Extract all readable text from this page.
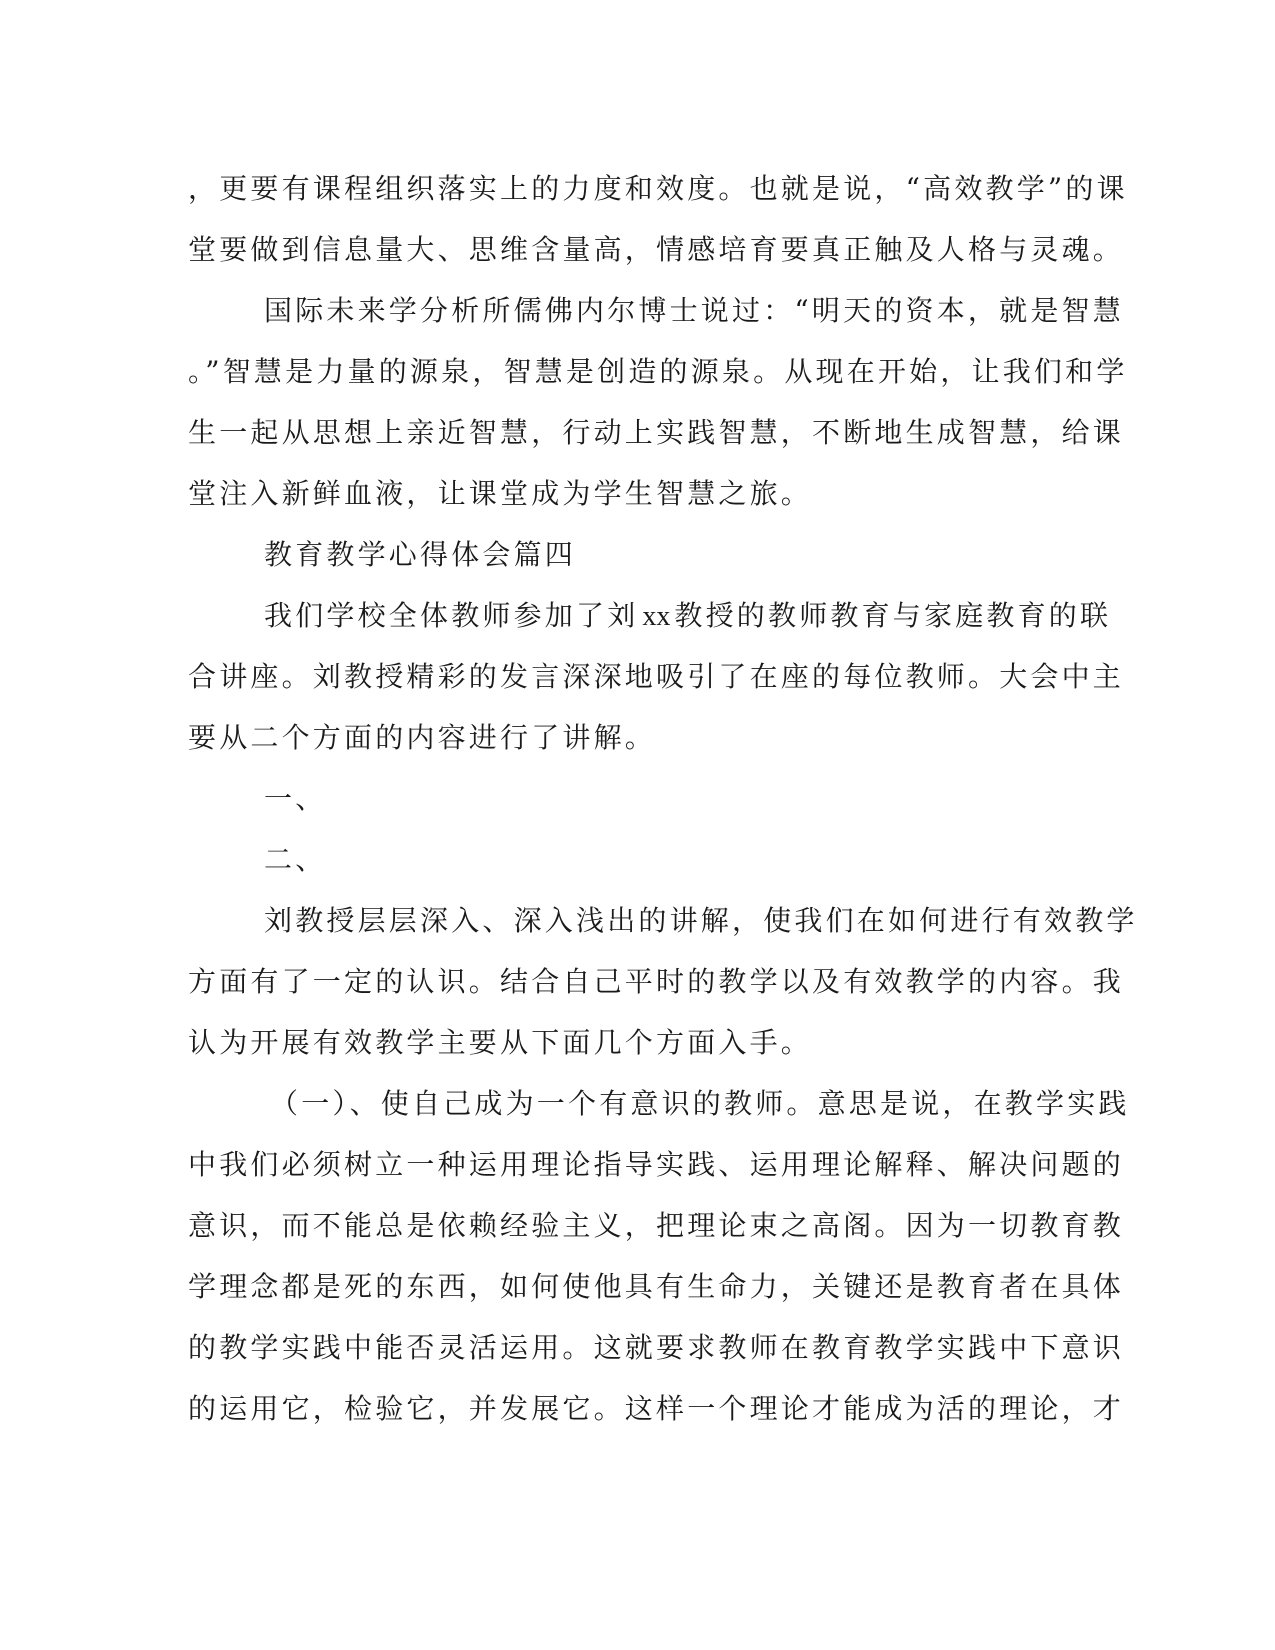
，更要有课程组织落实上的力度和效度。也就是说，“高效教学”的课
堂要做到信息量大、思维含量高，情感培育要真正触及人格与灵魂。
国际未来学分析所儒佛内尔博士说过：“明天的资本，就是智慧
。”智慧是力量的源泉，智慧是创造的源泉。从现在开始，让我们和学
生一起从思想上亲近智慧，行动上实践智慧，不断地生成智慧，给课
堂注入新鲜血液，让课堂成为学生智慧之旅。
教育教学心得体会篇四
我们学校全体教师参加了刘 xx 教授的教师教育与家庭教育的联
合讲座。刘教授精彩的发言深深地吸引了在座的每位教师。大会中主
要从二个方面的内容进行了讲解。
一、
二、
刘教授层层深入、深入浅出的讲解，使我们在如何进行有效教学
方面有了一定的认识。结合自己平时的教学以及有效教学的内容。我
认为开展有效教学主要从下面几个方面入手。
（一）、使自己成为一个有意识的教师。意思是说，在教学实践
中我们必须树立一种运用理论指导实践、运用理论解释、解决问题的
意识，而不能总是依赖经验主义，把理论束之高阁。因为一切教育教
学理念都是死的东西，如何使他具有生命力，关键还是教育者在具体
的教学实践中能否灵活运用。这就要求教师在教育教学实践中下意识
的运用它，检验它，并发展它。这样一个理论才能成为活的理论，才
